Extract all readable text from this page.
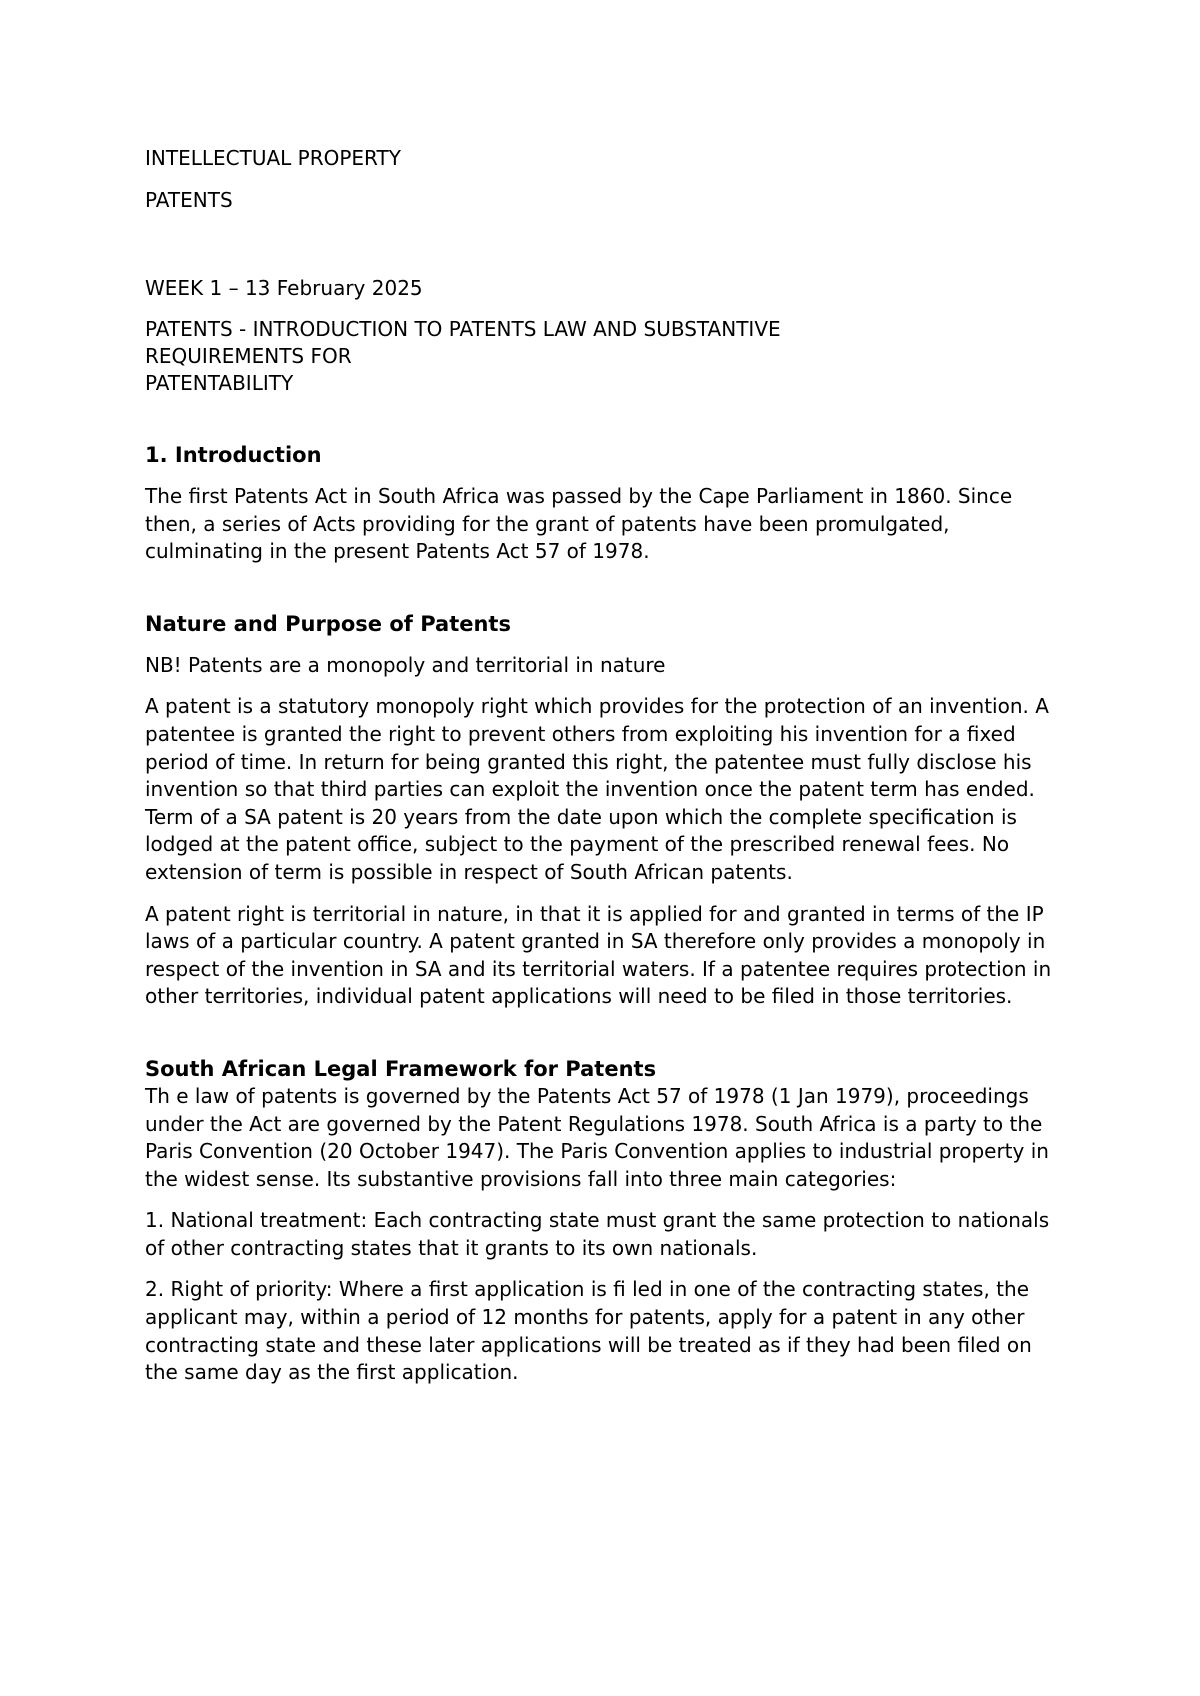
INTELLECTUAL PROPERTY
PATENTS
WEEK 1 – 13 February 2025
PATENTS - INTRODUCTION TO PATENTS LAW AND SUBSTANTIVE
REQUIREMENTS FOR
PATENTABILITY
1. Introduction

The first Patents Act in South Africa was passed by the Cape Parliament in 1860. Since then, a series of Acts providing for the grant of patents have been promulgated, culminating in the present Patents Act 57 of 1978.

Nature and Purpose of Patents

NB! Patents are a monopoly and territorial in nature

A patent is a statutory monopoly right which provides for the protection of an invention. A patentee is granted the right to prevent others from exploiting his invention for a fixed period of time. In return for being granted this right, the patentee must fully disclose his invention so that third parties can exploit the invention once the patent term has ended. Term of a SA patent is 20 years from the date upon which the complete specification is lodged at the patent office, subject to the payment of the prescribed renewal fees. No extension of term is possible in respect of South African patents.

A patent right is territorial in nature, in that it is applied for and granted in terms of the IP laws of a particular country. A patent granted in SA therefore only provides a monopoly in respect of the invention in SA and its territorial waters. If a patentee requires protection in other territories, individual patent applications will need to be filed in those territories.

South African Legal Framework for Patents

Th e law of patents is governed by the Patents Act 57 of 1978 (1 Jan 1979), proceedings under the Act are governed by the Patent Regulations 1978. South Africa is a party to the Paris Convention (20 October 1947). The Paris Convention applies to industrial property in the widest sense. Its substantive provisions fall into three main categories:

1. National treatment: Each contracting state must grant the same protection to nationals of other contracting states that it grants to its own nationals.

2. Right of priority: Where a first application is fi led in one of the contracting states, the applicant may, within a period of 12 months for patents, apply for a patent in any other contracting state and these later applications will be treated as if they had been filed on the same day as the first application.
